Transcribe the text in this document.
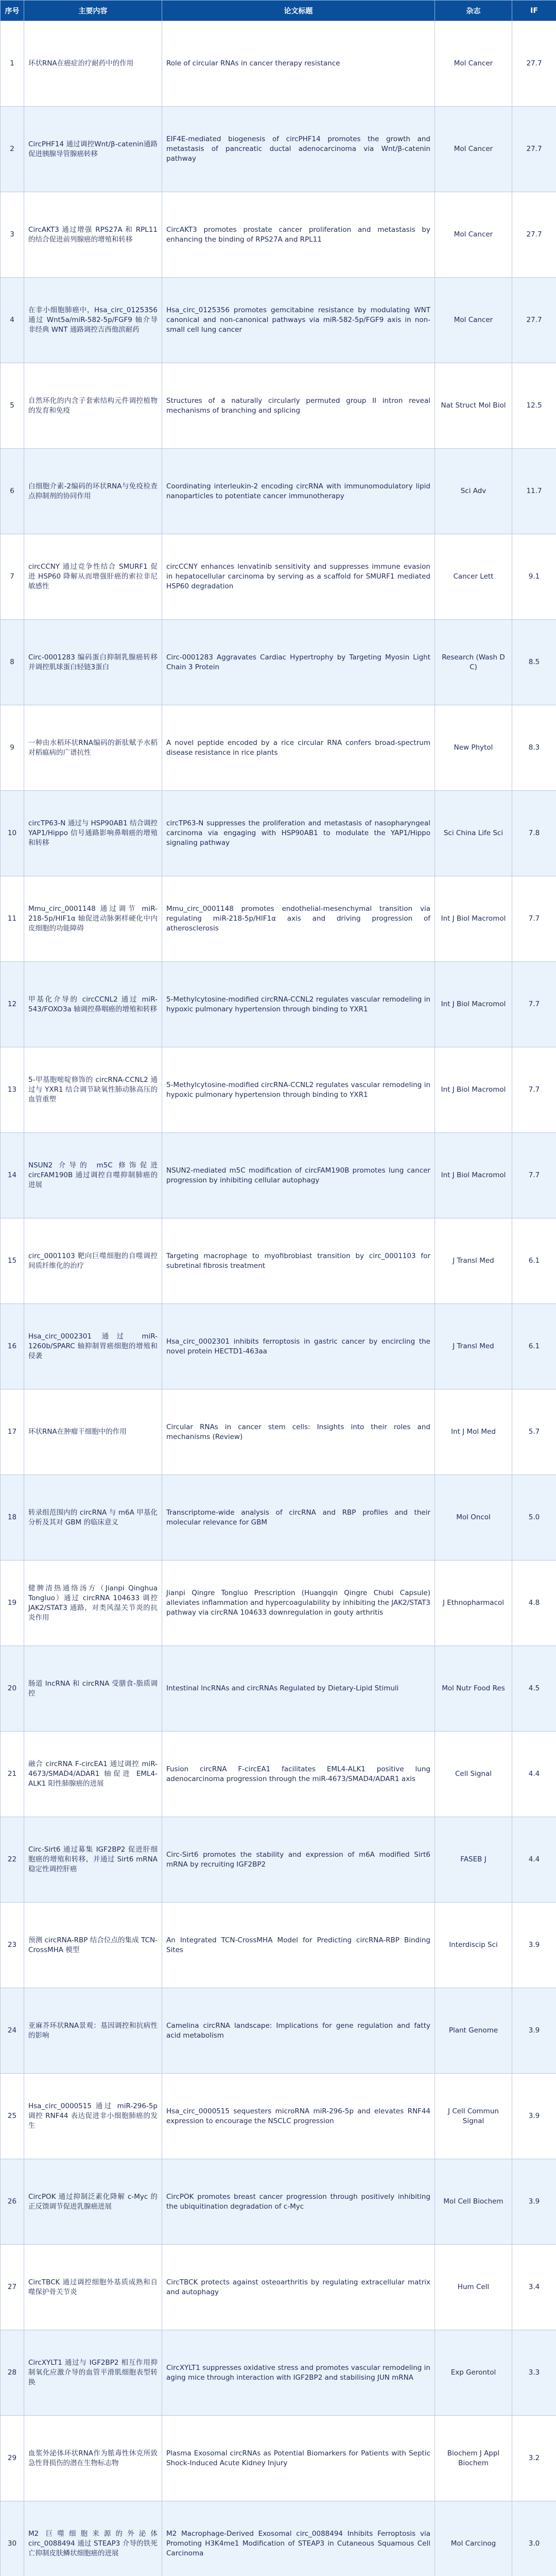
序号	主要内容	论文标题	杂志	IF
1	环状RNA在癌症治疗耐药中的作用	Role of circular RNAs in cancer therapy resistance	Mol Cancer	27.7
2	CircPHF14 通过调控Wnt/β-catenin通路促进胰腺导管腺癌转移	EIF4E-mediated biogenesis of circPHF14 promotes the growth and metastasis of pancreatic ductal adenocarcinoma via Wnt/β-catenin pathway	Mol Cancer	27.7
3	CircAKT3 通过增强 RPS27A 和 RPL11 的结合促进前列腺癌的增殖和转移	CircAKT3 promotes prostate cancer proliferation and metastasis by enhancing the binding of RPS27A and RPL11	Mol Cancer	27.7
4	在非小细胞肺癌中，Hsa_circ_0125356 通过 Wnt5a/miR-582-5p/FGF9 轴介导非经典 WNT 通路调控吉西他滨耐药	Hsa_circ_0125356 promotes gemcitabine resistance by modulating WNT canonical and non-canonical pathways via miR-582-5p/FGF9 axis in non-small cell lung cancer	Mol Cancer	27.7
5	自然环化的内含子套索结构元件调控植物的发育和免疫	Structures of a naturally circularly permuted group II intron reveal mechanisms of branching and splicing	Nat Struct Mol Biol	12.5
6	白细胞介素-2编码的环状RNA与免疫检查点抑制剂的协同作用	Coordinating interleukin-2 encoding circRNA with immunomodulatory lipid nanoparticles to potentiate cancer immunotherapy	Sci Adv	11.7
7	circCCNY 通过竞争性结合 SMURF1 促进 HSP60 降解从而增强肝癌的索拉非尼敏感性	circCCNY enhances lenvatinib sensitivity and suppresses immune evasion in hepatocellular carcinoma by serving as a scaffold for SMURF1 mediated HSP60 degradation	Cancer Lett	9.1
8	Circ-0001283 编码蛋白抑制乳腺癌转移并调控肌球蛋白轻链3蛋白	Circ-0001283 Aggravates Cardiac Hypertrophy by Targeting Myosin Light Chain 3 Protein	Research (Wash D C)	8.5
9	一种由水稻环状RNA编码的新肽赋予水稻对稻瘟病的广谱抗性	A novel peptide encoded by a rice circular RNA confers broad-spectrum disease resistance in rice plants	New Phytol	8.3
10	circTP63-N 通过与 HSP90AB1 结合调控 YAP1/Hippo 信号通路影响鼻咽癌的增殖和转移	circTP63-N suppresses the proliferation and metastasis of nasopharyngeal carcinoma via engaging with HSP90AB1 to modulate the YAP1/Hippo signaling pathway	Sci China Life Sci	7.8
11	Mmu_circ_0001148 通过调节 miR-218-5p/HIF1α 轴促进动脉粥样硬化中内皮细胞的功能障碍	Mmu_circ_0001148 promotes endothelial-mesenchymal transition via regulating miR-218-5p/HIF1α axis and driving progression of atherosclerosis	Int J Biol Macromol	7.7
12	甲基化介导的 circCCNL2 通过 miR-543/FOXO3a 轴调控鼻咽癌的增殖和转移	5-Methylcytosine-modified circRNA-CCNL2 regulates vascular remodeling in hypoxic pulmonary hypertension through binding to YXR1	Int J Biol Macromol	7.7
13	5-甲基胞嘧啶修饰的 circRNA-CCNL2 通过与 YXR1 结合调节缺氧性肺动脉高压的血管重塑	5-Methylcytosine-modified circRNA-CCNL2 regulates vascular remodeling in hypoxic pulmonary hypertension through binding to YXR1	Int J Biol Macromol	7.7
14	NSUN2 介导的 m5C 修饰促进 circFAM190B 通过调控自噬抑制肺癌的进展	NSUN2-mediated m5C modification of circFAM190B promotes lung cancer progression by inhibiting cellular autophagy	Int J Biol Macromol	7.7
15	circ_0001103 靶向巨噬细胞的自噬调控间质纤维化的治疗	Targeting macrophage to myofibroblast transition by circ_0001103 for subretinal fibrosis treatment	J Transl Med	6.1
16	Hsa_circ_0002301 通过 miR-1260b/SPARC 轴抑制胃癌细胞的增殖和侵袭	Hsa_circ_0002301 inhibits ferroptosis in gastric cancer by encircling the novel protein HECTD1-463aa	J Transl Med	6.1
17	环状RNA在肿瘤干细胞中的作用	Circular RNAs in cancer stem cells: Insights into their roles and mechanisms (Review)	Int J Mol Med	5.7
18	转录组范围内的 circRNA 与 m6A 甲基化分析及其对 GBM 的临床意义	Transcriptome-wide analysis of circRNA and RBP profiles and their molecular relevance for GBM	Mol Oncol	5.0
19	健脾清热通络汤方（Jianpi Qinghua Tongluo）通过 circRNA 104633 调控 JAK2/STAT3 通路，对类风湿关节炎的抗炎作用	Jianpi Qingre Tongluo Prescription (Huangqin Qingre Chubi Capsule) alleviates inflammation and hypercoagulability by inhibiting the JAK2/STAT3 pathway via circRNA 104633 downregulation in gouty arthritis	J Ethnopharmacol	4.8
20	肠道 lncRNA 和 circRNA 受膳食-脂质调控	Intestinal lncRNAs and circRNAs Regulated by Dietary-Lipid Stimuli	Mol Nutr Food Res	4.5
21	融合 circRNA F-circEA1 通过调控 miR-4673/SMAD4/ADAR1 轴促进 EML4-ALK1 阳性肺腺癌的进展	Fusion circRNA F-circEA1 facilitates EML4-ALK1 positive lung adenocarcinoma progression through the miR-4673/SMAD4/ADAR1 axis	Cell Signal	4.4
22	Circ-Sirt6 通过募集 IGF2BP2 促进肝细胞癌的增殖和转移，并通过 Sirt6 mRNA 稳定性调控肝癌	Circ-Sirt6 promotes the stability and expression of m6A modified Sirt6 mRNA by recruiting IGF2BP2	FASEB J	4.4
23	预测 circRNA-RBP 结合位点的集成 TCN-CrossMHA 模型	An Integrated TCN-CrossMHA Model for Predicting circRNA-RBP Binding Sites	Interdiscip Sci	3.9
24	亚麻芥环状RNA景观：基因调控和抗病性的影响	Camelina circRNA landscape: Implications for gene regulation and fatty acid metabolism	Plant Genome	3.9
25	Hsa_circ_0000515 通过 miR-296-5p 调控 RNF44 表达促进非小细胞肺癌的发生	Hsa_circ_0000515 sequesters microRNA miR-296-5p and elevates RNF44 expression to encourage the NSCLC progression	J Cell Commun Signal	3.9
26	CircPOK 通过抑制泛素化降解 c-Myc 的正反馈调节促进乳腺癌进展	CircPOK promotes breast cancer progression through positively inhibiting the ubiquitination degradation of c-Myc	Mol Cell Biochem	3.9
27	CircTBCK 通过调控细胞外基质成熟和自噬保护骨关节炎	CircTBCK protects against osteoarthritis by regulating extracellular matrix and autophagy	Hum Cell	3.4
28	CircXYLT1 通过与 IGF2BP2 相互作用抑制氧化应激介导的血管平滑肌细胞表型转换	CircXYLT1 suppresses oxidative stress and promotes vascular remodeling in aging mice through interaction with IGF2BP2 and stabilising JUN mRNA	Exp Gerontol	3.3
29	血浆外泌体环状RNA作为脓毒性休克所致急性肾损伤的潜在生物标志物	Plasma Exosomal circRNAs as Potential Biomarkers for Patients with Septic Shock-Induced Acute Kidney Injury	Biochem J Appl Biochem	3.2
30	M2 巨噬细胞来源的外泌体 circ_0088494 通过 STEAP3 介导的铁死亡抑制皮肤鳞状细胞癌的进展	M2 Macrophage-Derived Exosomal circ_0088494 Inhibits Ferroptosis via Promoting H3K4me1 Modification of STEAP3 in Cutaneous Squamous Cell Carcinoma	Mol Carcinog	3.0
